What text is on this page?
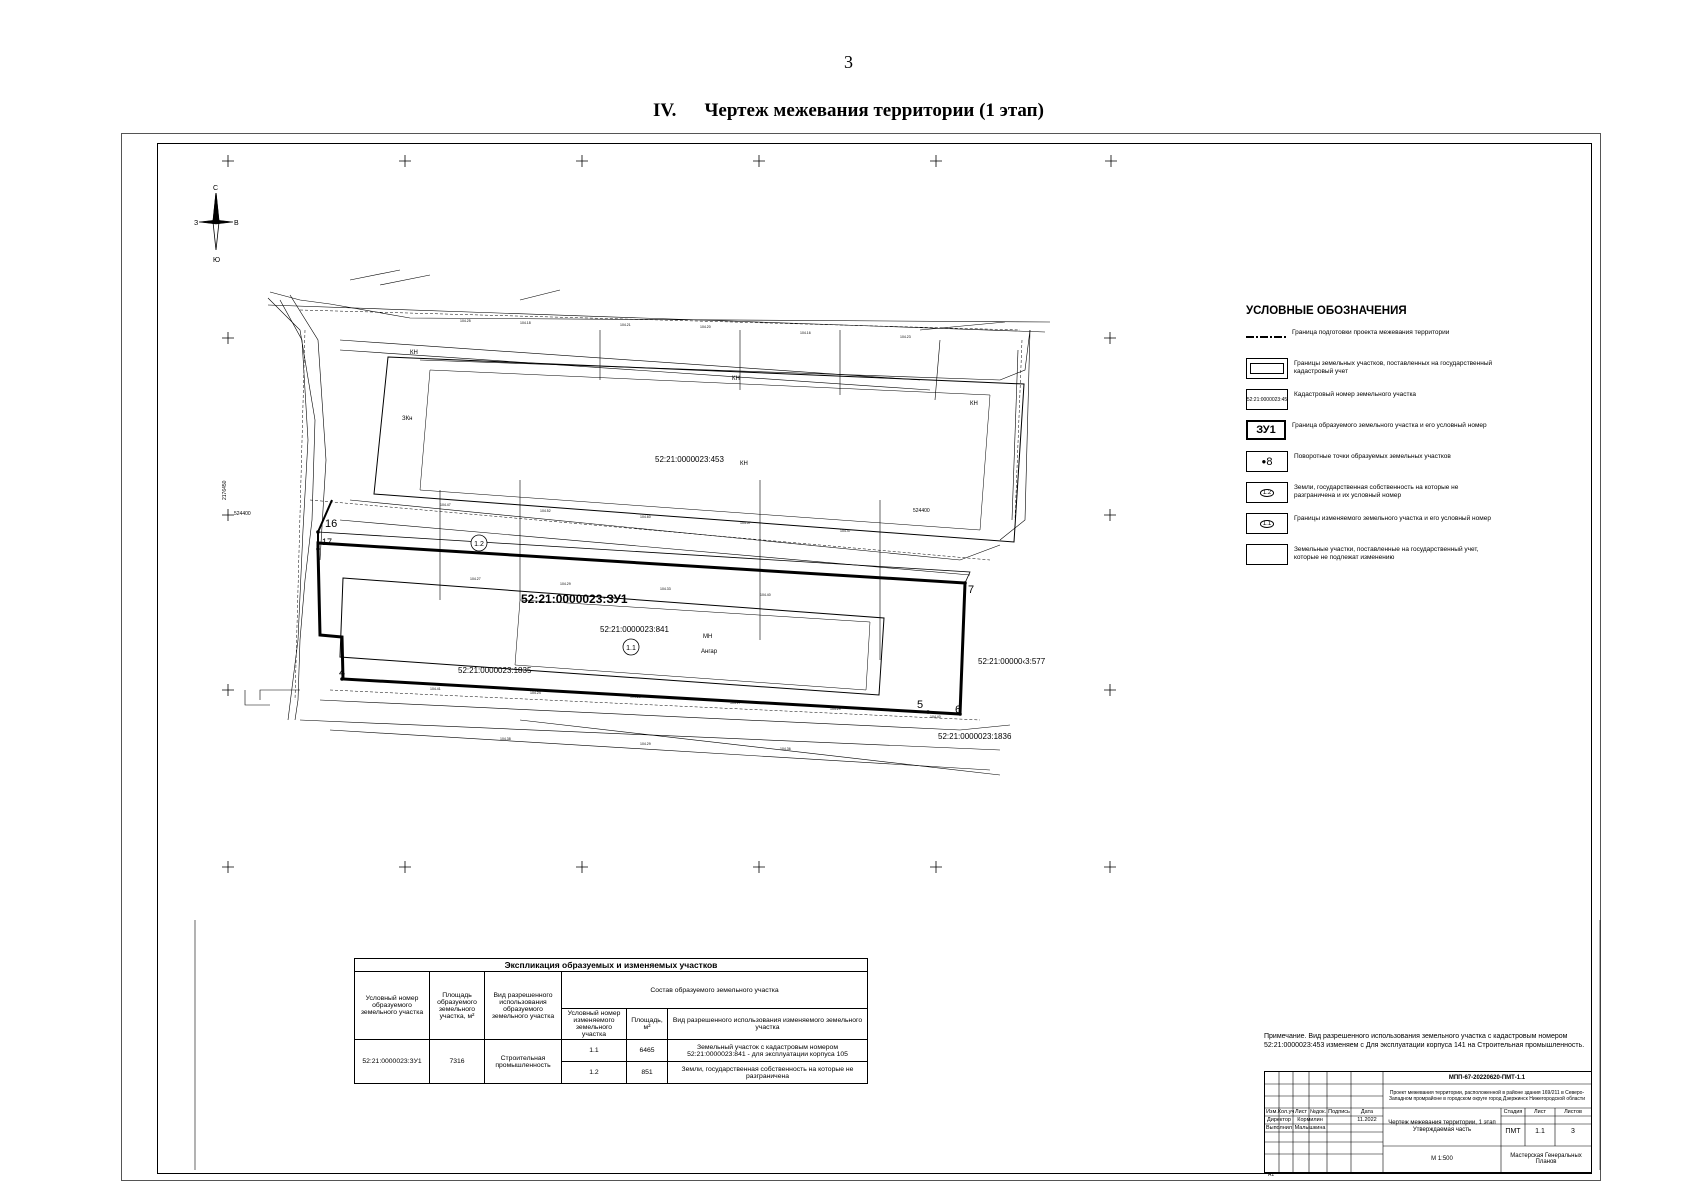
3
IV. Чертеж межевания территории (1 этап)
С
Ю
З	В
104.25	104.18	104.21	104.20
104.16
104.23
104.47
104.52
104.60
104.57
104.47
104.27
104.29
104.33
104.40
104.41
104.24
104.29
104.17
104.29
104.40
104.38
104.29
104.36
52:21:0000023:453	КН
КН
КН
КН
ЗКн
52:21:0000023:ЗУ1
52:21:0000023:841
МН
Ангар
52:21:0000023:1835
52:21:00000‹3:577
52:21:0000023:1836
1.1
1.2
16
17
4
5	6
7
524400	524400
2176450
УСЛОВНЫЕ ОБОЗНАЧЕНИЯ
Граница подготовки проекта межевания территории
Границы земельных участков, поставленных на государственный кадастровый учет
52:21:0000023:45
Кадастровый номер земельного участка
ЗУ1	Граница образуемого земельного участка и его условный номер
● 8	Поворотные точки образуемых земельных участков
1.2
Земли, государственная собственность на которые не разграничена и их условный номер
1.1
Границы изменяемого земельного участка и его условный номер
Земельные участки, поставленные на государственный учет, которые не подлежат изменению
Экспликация образуемых и изменяемых участков					
Условный номер образуемого земельного участка	Площадь образуемого земельного участка, м²	Вид разрешенного использования образуемого земельного участка	Состав образуемого земельного участка		
			Условный номер изменяемого земельного участка	Площадь, м²	Вид разрешенного использования изменяемого земельного участка
52:21:0000023:ЗУ1	7316	Строительная промышленность	1.1	6465	Земельный участок с кадастровым номером 52:21:0000023:841 - для эксплуатации корпуса 105
			1.2	851	Земли, государственная собственность на которые не разграничена
Примечание. Вид разрешенного использования земельного участка с кадастровым номером 52:21:0000023:453 изменяем с Для эксплуатации корпуса 141 на Строительная промышленность.
МПП-67-20220620-ПМТ-1.1
Проект межевания территории, расположенной в районе здания 169/211 в Северо-Западном промрайоне в городском округе город Дзержинск Нижегородской области
Изм. Кол.уч Лист №док. Подпись	Дата
Директор	Кормилин	11.2022
Выполнил Малышкина
Чертеж межевания территории, 1 этап Утверждаемая часть
Стадия	Лист	Листов
ПМТ	1.1	3
М 1:500	Мастерская Генеральных Планов
А1
